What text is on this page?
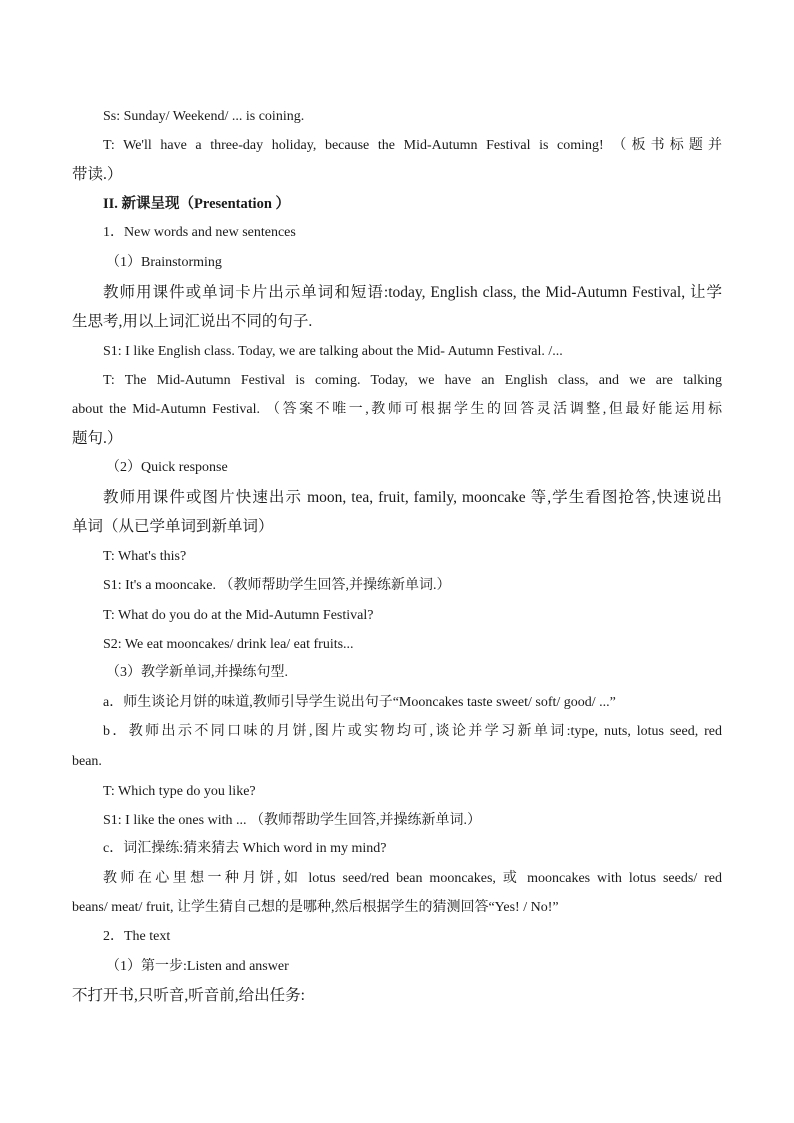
Ss: Sunday/ Weekend/ ... is coining.
T: We'll have a three-day holiday, because the Mid-Autumn Festival is coming! （板书标题并
带读.）
II. 新课呈现（Presentation ）
1．New words and new sentences
（1）Brainstorming
教师用课件或单词卡片出示单词和短语:today, English class, the Mid-Autumn Festival, 让学
生思考,用以上词汇说出不同的句子.
S1: I like English class. Today, we are talking about the Mid- Autumn Festival. /...
T: The Mid-Autumn Festival is coming. Today, we have an English class, and we are talking
about the Mid-Autumn Festival. （答案不唯一,教师可根据学生的回答灵活调整,但最好能运用标
题句.）
（2）Quick response
教师用课件或图片快速出示 moon, tea, fruit, family, mooncake 等,学生看图抢答,快速说出
单词（从已学单词到新单词）
T: What's this?
S1: It's a mooncake. （教师帮助学生回答,并操练新单词.）
T: What do you do at the Mid-Autumn Festival?
S2: We eat mooncakes/ drink lea/ eat fruits...
（3）教学新单词,并操练句型.
a．师生谈论月饼的味道,教师引导学生说出句子“Mooncakes taste sweet/ soft/ good/ ...”
b．教师出示不同口味的月饼,图片或实物均可,谈论并学习新单词:type, nuts, lotus seed, red
bean.
T: Which type do you like?
S1: I like the ones with ... （教师帮助学生回答,并操练新单词.）
c．词汇操练:猜来猜去 Which word in my mind?
教师在心里想一种月饼,如 lotus seed/red bean mooncakes, 或 mooncakes with lotus seeds/ red
beans/ meat/ fruit, 让学生猜自己想的是哪种,然后根据学生的猜测回答“Yes! / No!”
2．The text
（1）第一步:Listen and answer
不打开书,只听音,听音前,给出任务:
